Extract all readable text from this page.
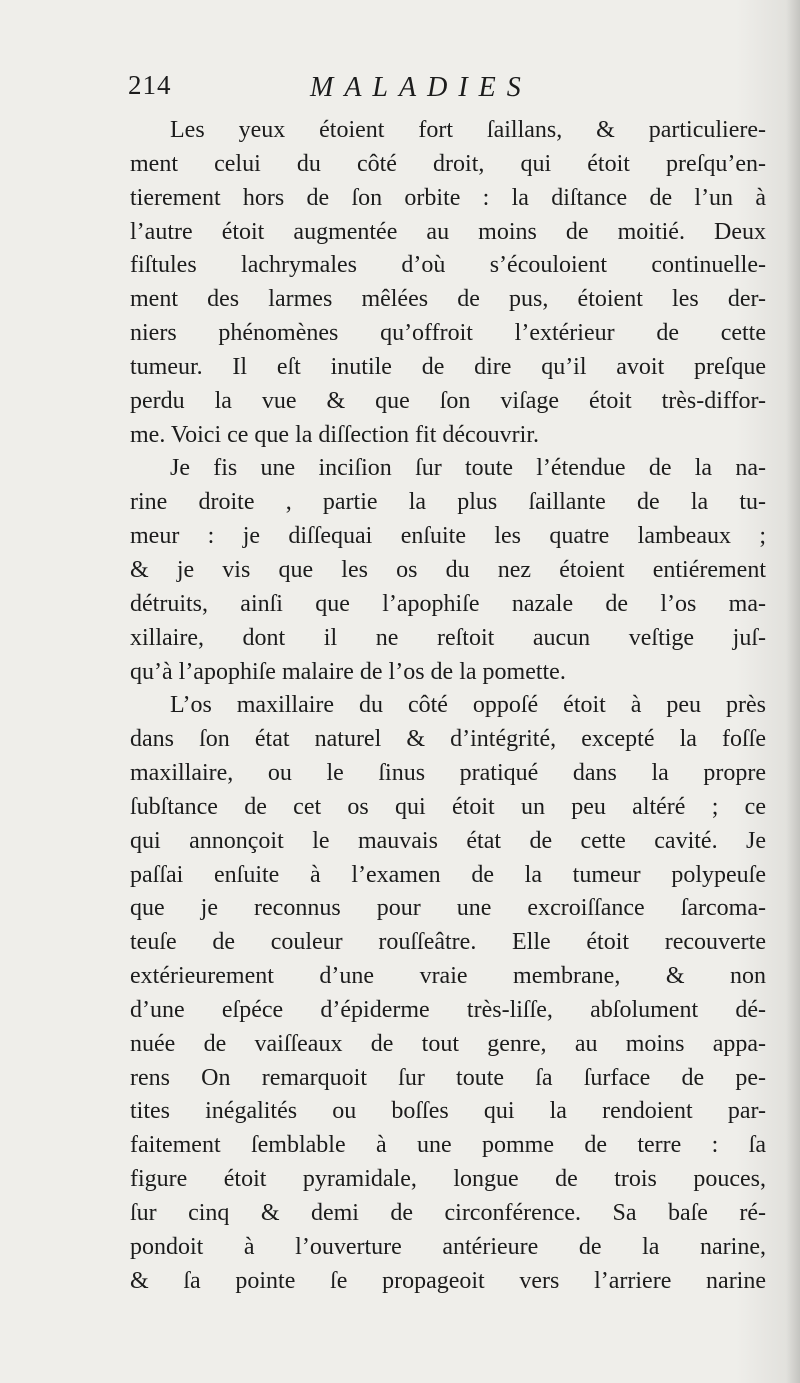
214	MALADIES
Les yeux étoient fort ſaillans, & particuliere-
ment celui du côté droit, qui étoit preſqu’en-
tierement hors de ſon orbite : la diſtance de l’un à
l’autre étoit augmentée au moins de moitié. Deux
fiſtules lachrymales d’où s’écouloient continuelle-
ment des larmes mêlées de pus, étoient les der-
niers phénomènes qu’offroit l’extérieur de cette
tumeur. Il eſt inutile de dire qu’il avoit preſque
perdu la vue & que ſon viſage étoit très-diffor-
me. Voici ce que la diſſection fit découvrir.
Je fis une inciſion ſur toute l’étendue de la na-
rine droite , partie la plus ſaillante de la tu-
meur : je diſſequai enſuite les quatre lambeaux ;
& je vis que les os du nez étoient entiérement
détruits, ainſi que l’apophiſe nazale de l’os ma-
xillaire, dont il ne reſtoit aucun veſtige juſ-
qu’à l’apophiſe malaire de l’os de la pomette.
L’os maxillaire du côté oppoſé étoit à peu près
dans ſon état naturel & d’intégrité, excepté la foſſe
maxillaire, ou le ſinus pratiqué dans la propre
ſubſtance de cet os qui étoit un peu altéré ; ce
qui annonçoit le mauvais état de cette cavité. Je
paſſai enſuite à l’examen de la tumeur polypeuſe
que je reconnus pour une excroiſſance ſarcoma-
teuſe de couleur rouſſeâtre. Elle étoit recouverte
extérieurement d’une vraie membrane, & non
d’une eſpéce d’épiderme très-liſſe, abſolument dé-
nuée de vaiſſeaux de tout genre, au moins appa-
rens On remarquoit ſur toute ſa ſurface de pe-
tites inégalités ou boſſes qui la rendoient par-
faitement ſemblable à une pomme de terre : ſa
figure étoit pyramidale, longue de trois pouces,
ſur cinq & demi de circonférence. Sa baſe ré-
pondoit à l’ouverture antérieure de la narine,
& ſa pointe ſe propageoit vers l’arriere narine
